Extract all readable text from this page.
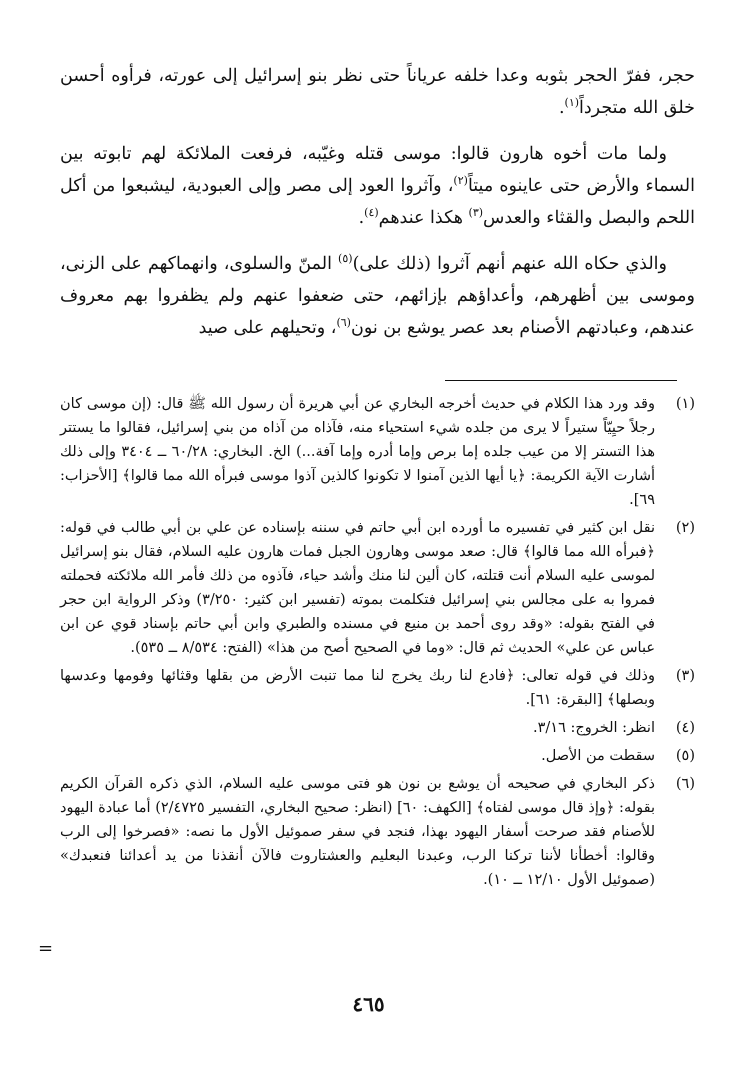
حجر، ففرّ الحجر بثوبه وعدا خلفه عرياناً حتى نظر بنو إسرائيل إلى عورته، فرأوه أحسن خلق الله متجرداً$^{(١)}$.

ولما مات أخوه هارون قالوا: موسى قتله وغيّبه، فرفعت الملائكة لهم تابوته بين السماء والأرض حتى عاينوه ميتاً$^{(٢)}$، وآثروا العود إلى مصر وإلى العبودية، ليشبعوا من أكل اللحم والبصل والقثاء والعدس$^{(٣)}$ هكذا عندهم$^{(٤)}$.

والذي حكاه الله عنهم أنهم آثروا (ذلك على)$^{(٥)}$ المنّ والسلوى، وانهماكهم على الزنى، وموسى بين أظهرهم، وأعداؤهم بإزائهم، حتى ضعفوا عنهم ولم يظفروا بهم معروف عندهم، وعبادتهم الأصنام بعد عصر يوشع بن نون$^{(٦)}$، وتحيلهم على صيد

(١)
وقد ورد هذا الكلام في حديث أخرجه البخاري عن أبي هريرة أن رسول الله ﷺ قال: (إن موسى كان رجلاً حيِيّاً ستيراً لا يرى من جلده شيء استحياء منه، فآذاه من آذاه من بني إسرائيل، فقالوا ما يستتر هذا التستر إلا من عيب جلده إما برص وإما أدره وإما آفة...) الخ. البخاري: ٦٠/٢٨ ــ ٣٤٠٤ وإلى ذلك أشارت الآية الكريمة: ﴿يا أيها الذين آمنوا لا تكونوا كالذين آذوا موسى فبرأه الله مما قالوا﴾ [الأحزاب: ٦٩].
(٢)
نقل ابن كثير في تفسيره ما أورده ابن أبي حاتم في سننه بإسناده عن علي بن أبي طالب في قوله: ﴿فبرأه الله مما قالوا﴾ قال: صعد موسى وهارون الجبل فمات هارون عليه السلام، فقال بنو إسرائيل لموسى عليه السلام أنت قتلته، كان ألين لنا منك وأشد حياء، فآذوه من ذلك فأمر الله ملائكته فحملته فمروا به على مجالس بني إسرائيل فتكلمت بموته (تفسير ابن كثير: ٣/٢٥٠) وذكر الرواية ابن حجر في الفتح بقوله: «وقد روى أحمد بن منيع في مسنده والطبري وابن أبي حاتم بإسناد قوي عن ابن عباس عن علي» الحديث ثم قال: «وما في الصحيح أصح من هذا» (الفتح: ٨/٥٣٤ ــ ٥٣٥).
(٣)
وذلك في قوله تعالى: ﴿فادع لنا ربك يخرج لنا مما تنبت الأرض من بقلها وقثائها وفومها وعدسها وبصلها﴾ [البقرة: ٦١].
(٤)
انظر: الخروج: ٣/١٦.
(٥)
سقطت من الأصل.
(٦)
ذكر البخاري في صحيحه أن يوشع بن نون هو فتى موسى عليه السلام، الذي ذكره القرآن الكريم بقوله: ﴿وإذ قال موسى لفتاه﴾ [الكهف: ٦٠] (انظر: صحيح البخاري، التفسير ٢/٤٧٢٥) أما عبادة اليهود للأصنام فقد صرحت أسفار اليهود بهذا، فنجد في سفر صموئيل الأول ما نصه: «فصرخوا إلى الرب وقالوا: أخطأنا لأننا تركنا الرب، وعبدنا البعليم والعشتاروت فالآن أنقذنا من يد أعدائنا فنعبدك» (صموئيل الأول ١٢/١٠ ــ ١٠).
=
٤٦٥
